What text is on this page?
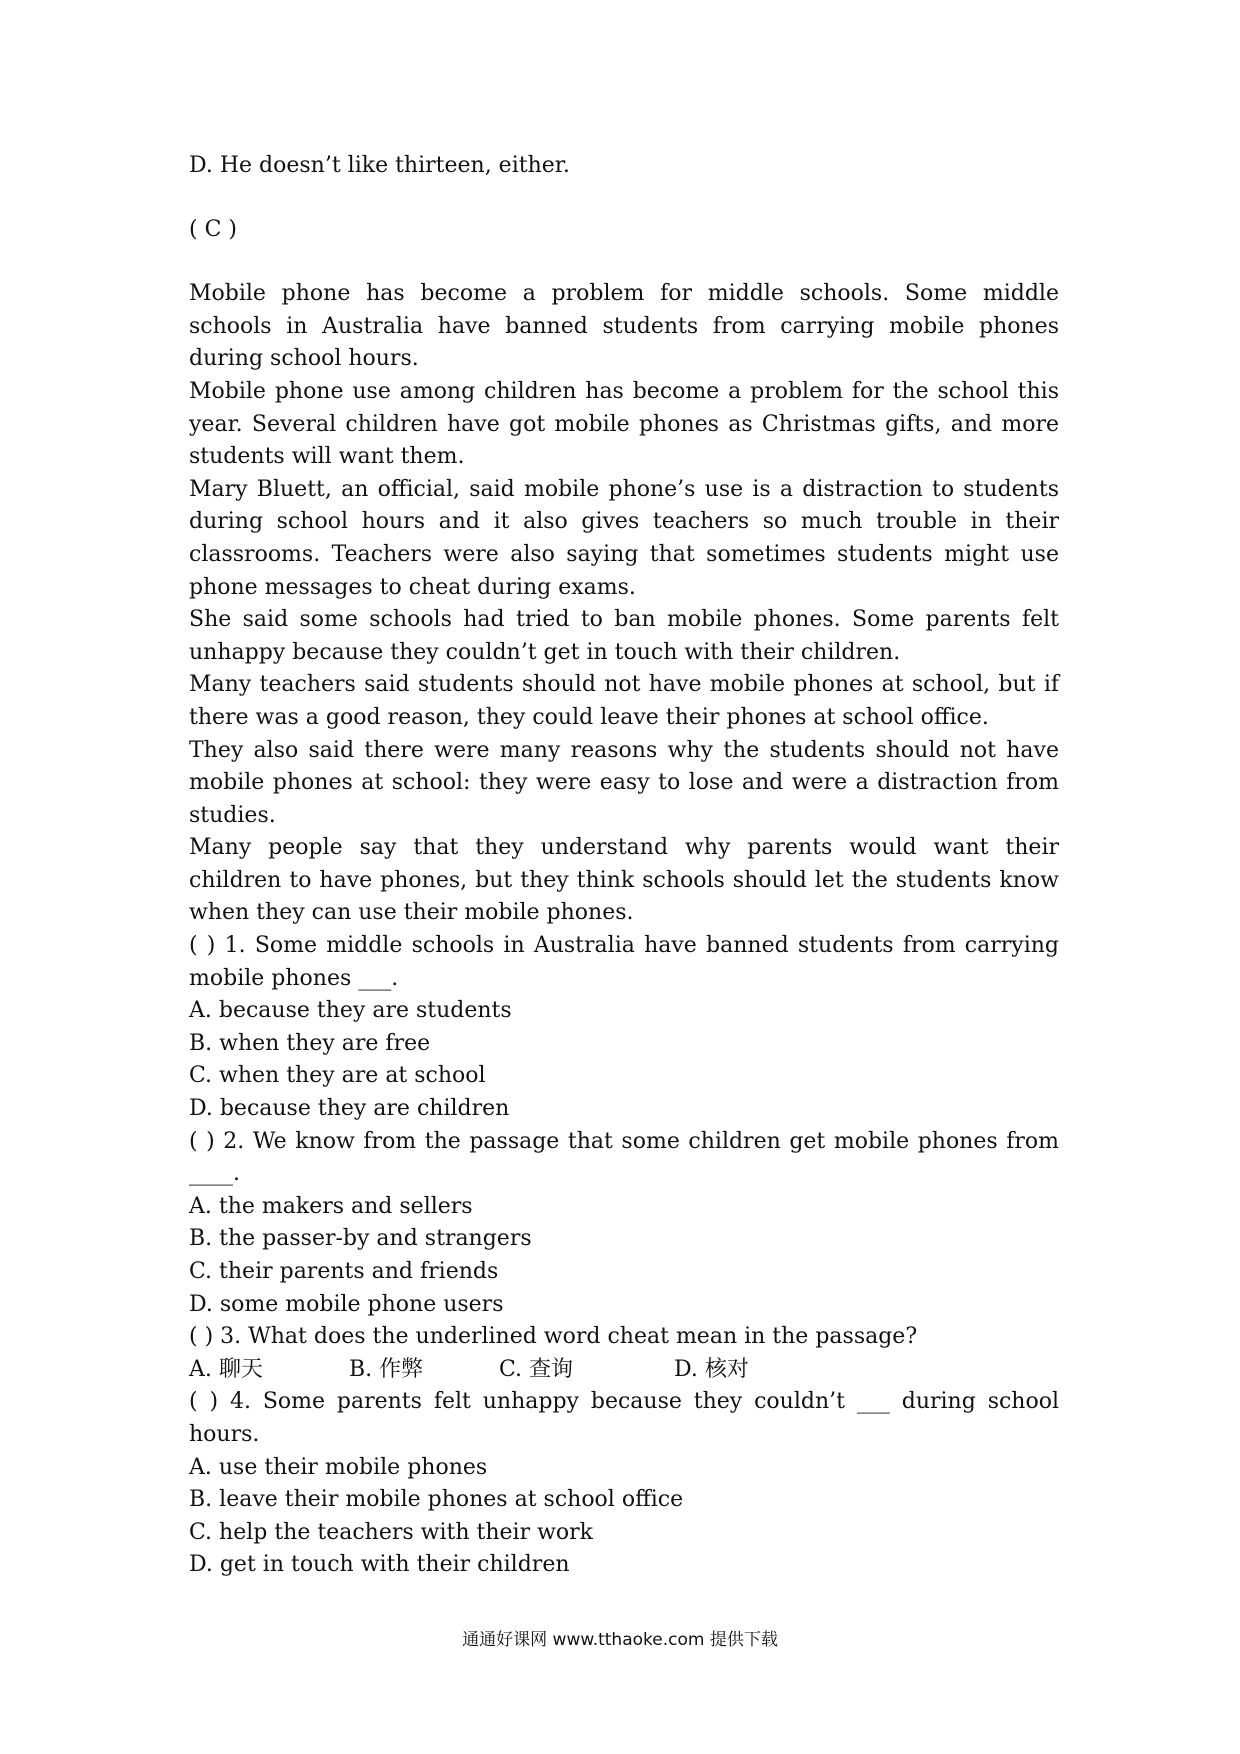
D. He doesn’t like thirteen, either.
( C )
Mobile phone has become a problem for middle schools. Some middle schools in Australia have banned students from carrying mobile phones during school hours.
Mobile phone use among children has become a problem for the school this year. Several children have got mobile phones as Christmas gifts, and more students will want them.
Mary Bluett, an official, said mobile phone’s use is a distraction to students during school hours and it also gives teachers so much trouble in their classrooms. Teachers were also saying that sometimes students might use phone messages to cheat during exams.
She said some schools had tried to ban mobile phones. Some parents felt unhappy because they couldn’t get in touch with their children.
Many teachers said students should not have mobile phones at school, but if there was a good reason, they could leave their phones at school office.
They also said there were many reasons why the students should not have mobile phones at school: they were easy to lose and were a distraction from studies.
Many people say that they understand why parents would want their children to have phones, but they think schools should let the students know when they can use their mobile phones.
( ) 1. Some middle schools in Australia have banned students from carrying mobile phones ___.
A. because they are students
B. when they are free
C. when they are at school
D. because they are children
( ) 2. We know from the passage that some children get mobile phones from ____.
A. the makers and sellers
B. the passer-by and strangers
C. their parents and friends
D. some mobile phone users
( ) 3. What does the underlined word cheat mean in the passage?
A. 聊天	B. 作弊	C. 查询	D. 核对
( ) 4. Some parents felt unhappy because they couldn’t ___ during school hours.
A. use their mobile phones
B. leave their mobile phones at school office
C. help the teachers with their work
D. get in touch with their children
通通好课网 www.tthaoke.com 提供下载
